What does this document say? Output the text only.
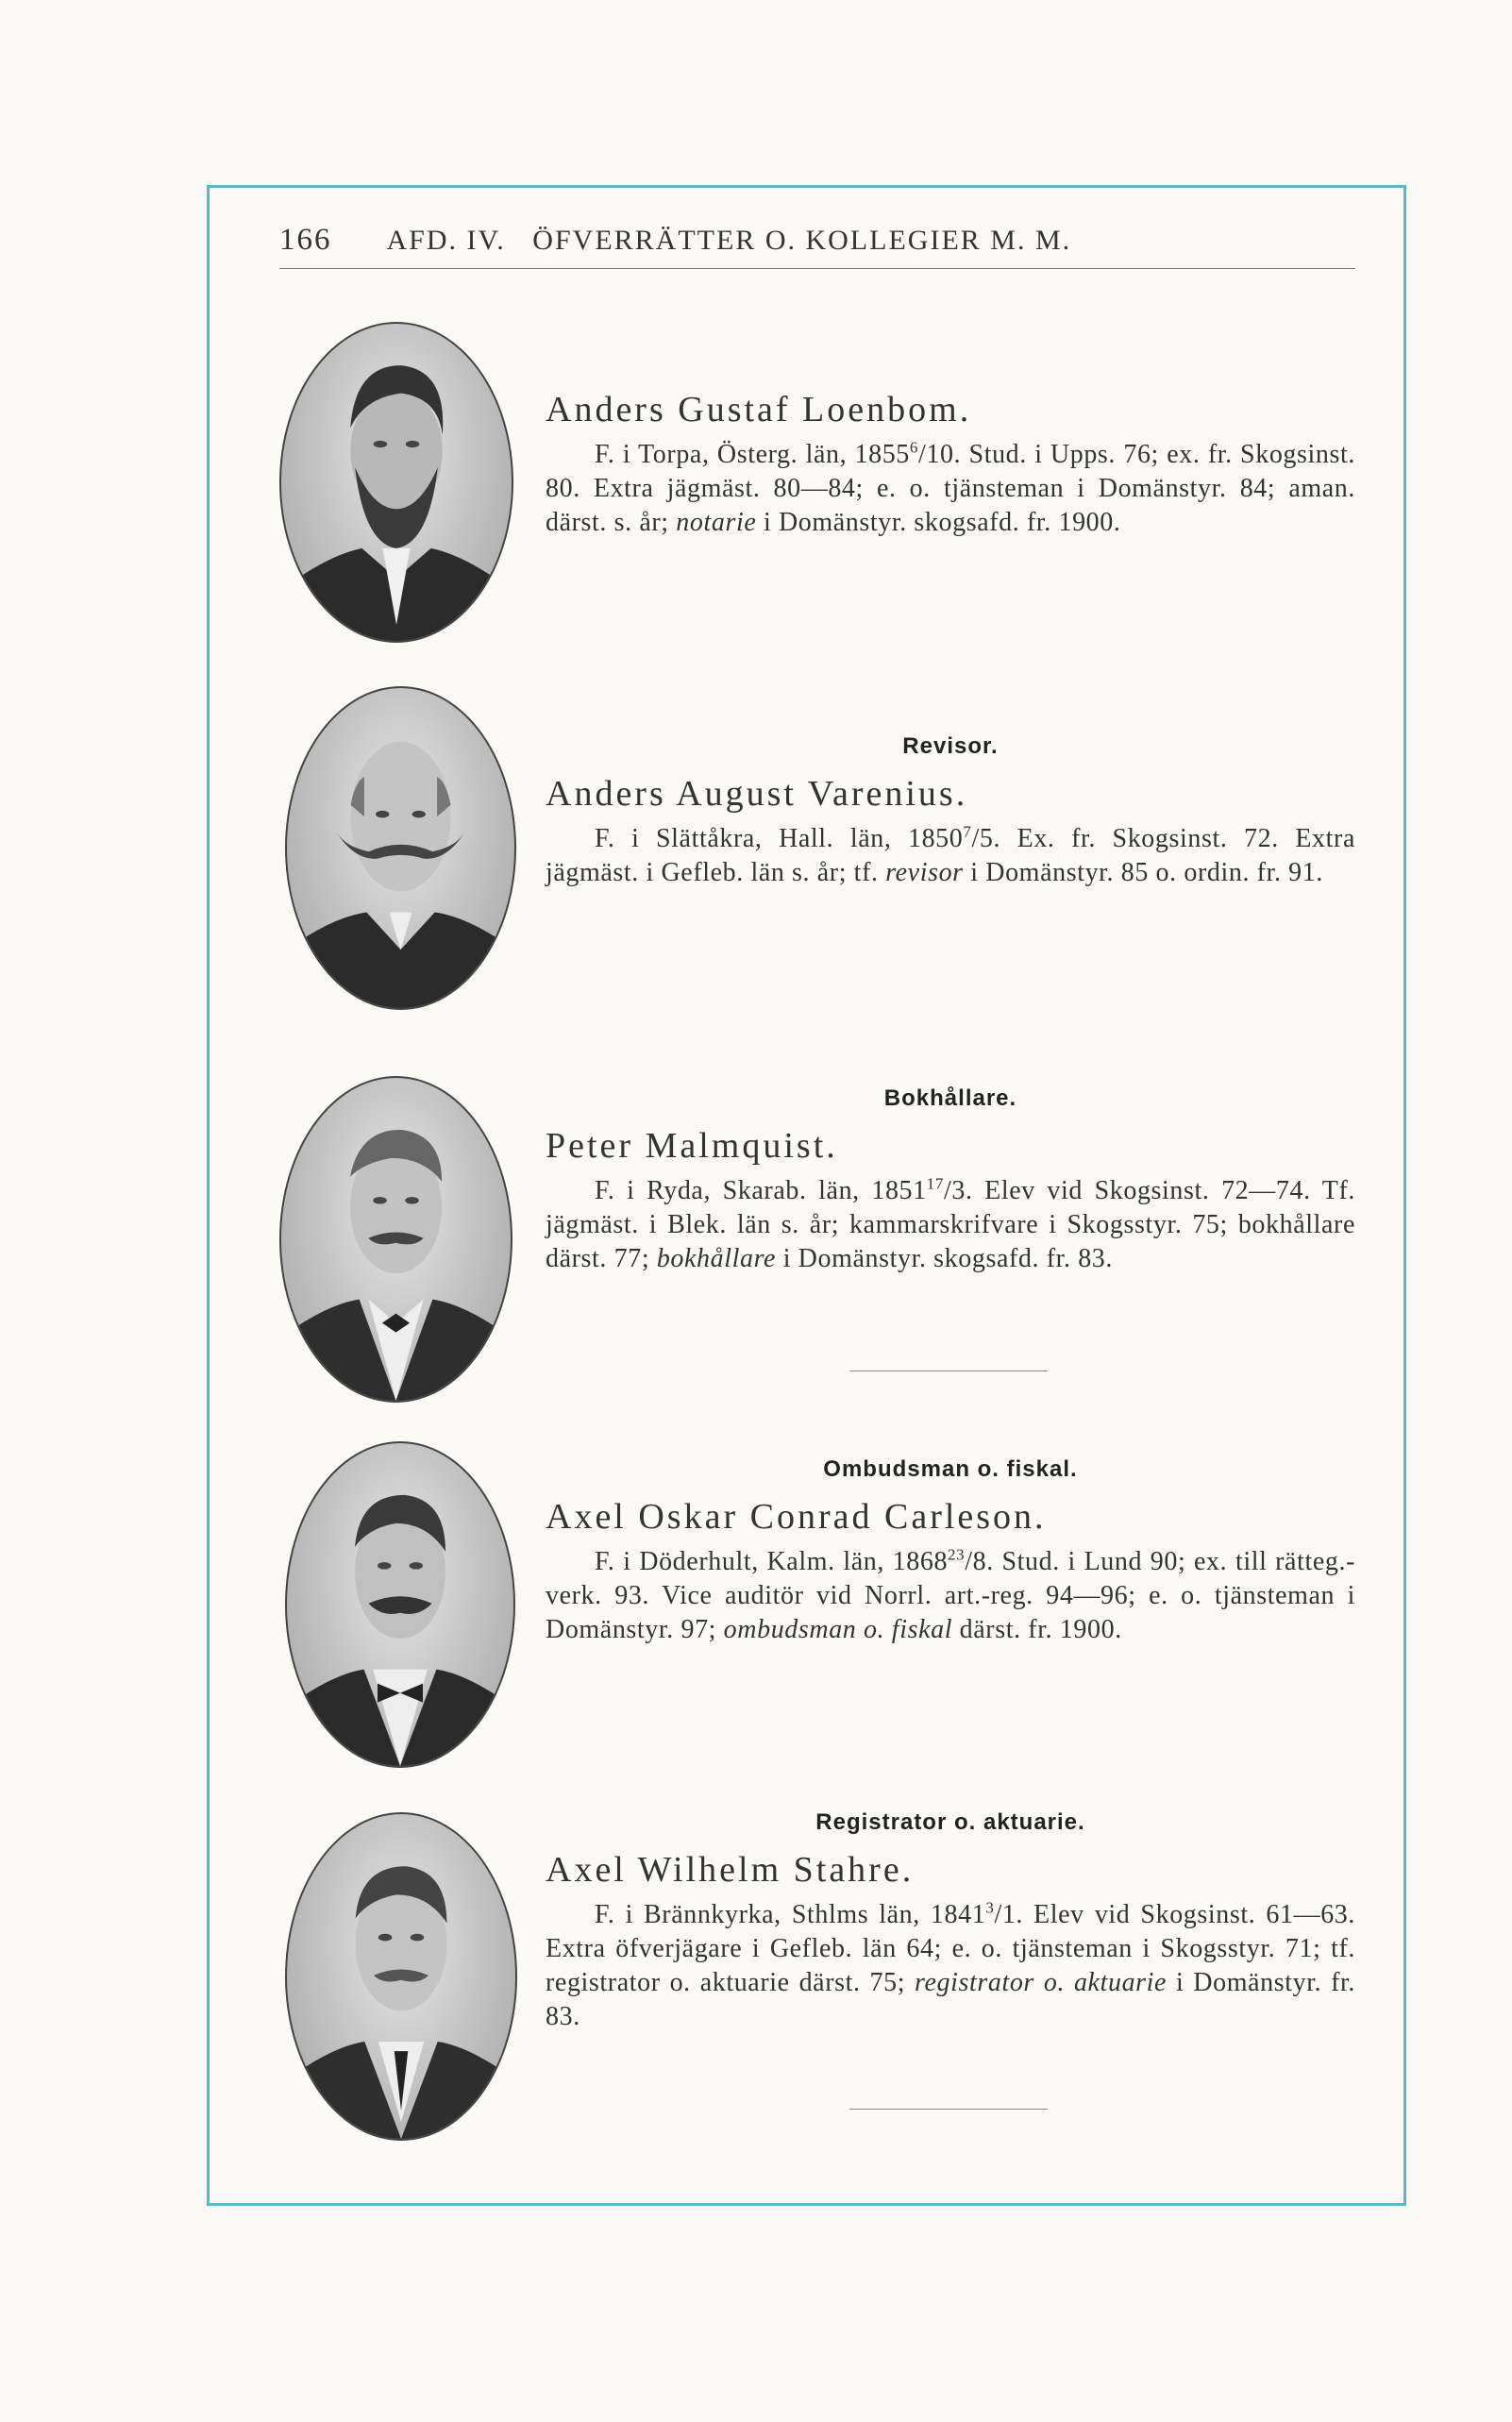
166 AFD. IV.   ÖFVERRÄTTER O. KOLLEGIER M. M.
Anders Gustaf Loenbom.

F. i Torpa, Österg. län, 1855$^6$/10. Stud. i Upps. 76; ex. fr. Skogsinst. 80. Extra jägmäst. 80—84; e. o. tjänsteman i Domänstyr. 84; aman. därst. s. år; notarie i Domänstyr. skogsafd. fr. 1900.

Revisor.
Anders August Varenius.

F. i Slättåkra, Hall. län, 1850$^7$/5. Ex. fr. Skogsinst. 72. Extra jägmäst. i Gefleb. län s. år; tf. revisor i Domänstyr. 85 o. ordin. fr. 91.

Bokhållare.
Peter Malmquist.

F. i Ryda, Skarab. län, 1851$^{17}$/3. Elev vid Skogsinst. 72—74. Tf. jägmäst. i Blek. län s. år; kammarskrifvare i Skogsstyr. 75; bokhållare därst. 77; bokhållare i Domänstyr. skogsafd. fr. 83.

Ombudsman o. fiskal.
Axel Oskar Conrad Carleson.

F. i Döderhult, Kalm. län, 1868$^{23}$/8. Stud. i Lund 90; ex. till rätteg.-verk. 93. Vice auditör vid Norrl. art.-reg. 94—96; e. o. tjänsteman i Domänstyr. 97; ombudsman o. fiskal därst. fr. 1900.

Registrator o. aktuarie.
Axel Wilhelm Stahre.

F. i Brännkyrka, Sthlms län, 1841$^3$/1. Elev vid Skogsinst. 61—63. Extra öfverjägare i Gefleb. län 64; e. o. tjänsteman i Skogsstyr. 71; tf. registrator o. aktuarie därst. 75; registrator o. aktuarie i Domänstyr. fr. 83.
